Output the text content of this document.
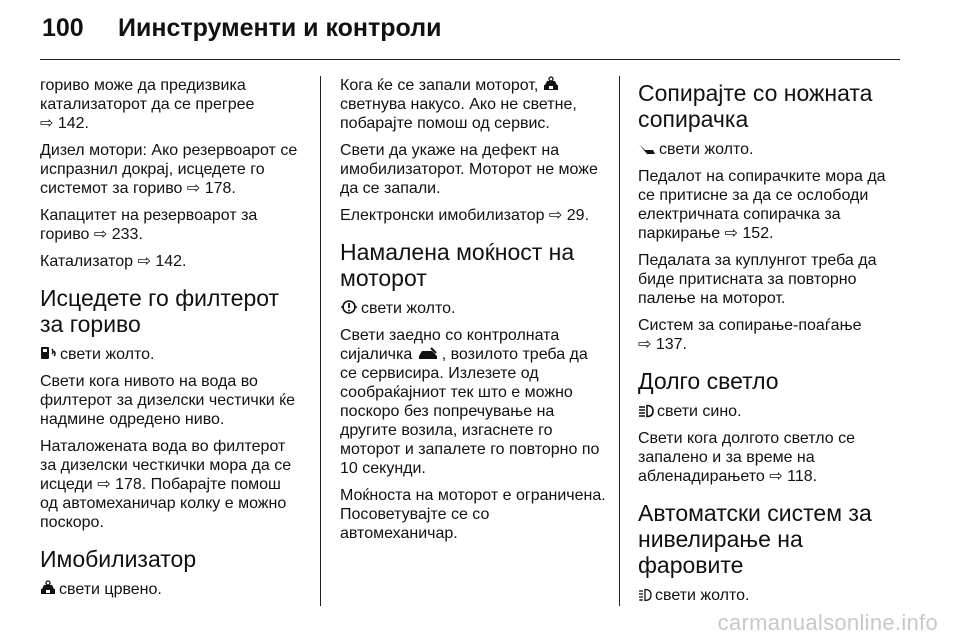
100 Иинструменти и контроли

гориво може да предизвика катализаторот да се прегрее
⇨ 142.

Дизел мотори: Ако резервоарот се испразнил докрај, исцедете го системот за гориво ⇨ 178.

Капацитет на резервоарот за гориво ⇨ 233.

Катализатор ⇨ 142.

Исцедете го филтерот за гориво

свети жолто.

Свети кога нивото на вода во филтерот за дизелски честички ќе надмине одредено ниво.

Наталожената вода во филтерот за дизелски честкички мора да се исцеди ⇨ 178. Побарајте помош од автомеханичар колку е можно поскоро.

Имобилизатор

свети црвено.

Кога ќе се запали моторот,  светнува накусо. Ако не светне, побарајте помош од сервис.

Свети да укаже на дефект на имобилизаторот. Моторот не може да се запали.

Електронски имобилизатор ⇨ 29.

Намалена моќност на моторот

свети жолто.

Свети заедно со контролната сијаличка , возилото треба да се сервисира. Излезете од сообраќајниот тек што е можно поскоро без попречување на другите возила, изгаснете го моторот и запалете го повторно по 10 секунди.

Моќноста на моторот е ограничена. Посоветувајте се со автомеханичар.

Сопирајте со ножната сопирачка

свети жолто.

Педалот на сопирачките мора да се притисне за да се ослободи електричната сопирачка за паркирање ⇨ 152.

Педалата за куплунгот треба да биде притисната за повторно палење на моторот.

Систем за сопирање-поаѓање
⇨ 137.

Долго светло

свети сино.

Свети кога долгото светло се запалено и за време на абленадирањето ⇨ 118.

Автоматски систем за нивелирање на фаровите

свети жолто.

carmanualsonline.info
